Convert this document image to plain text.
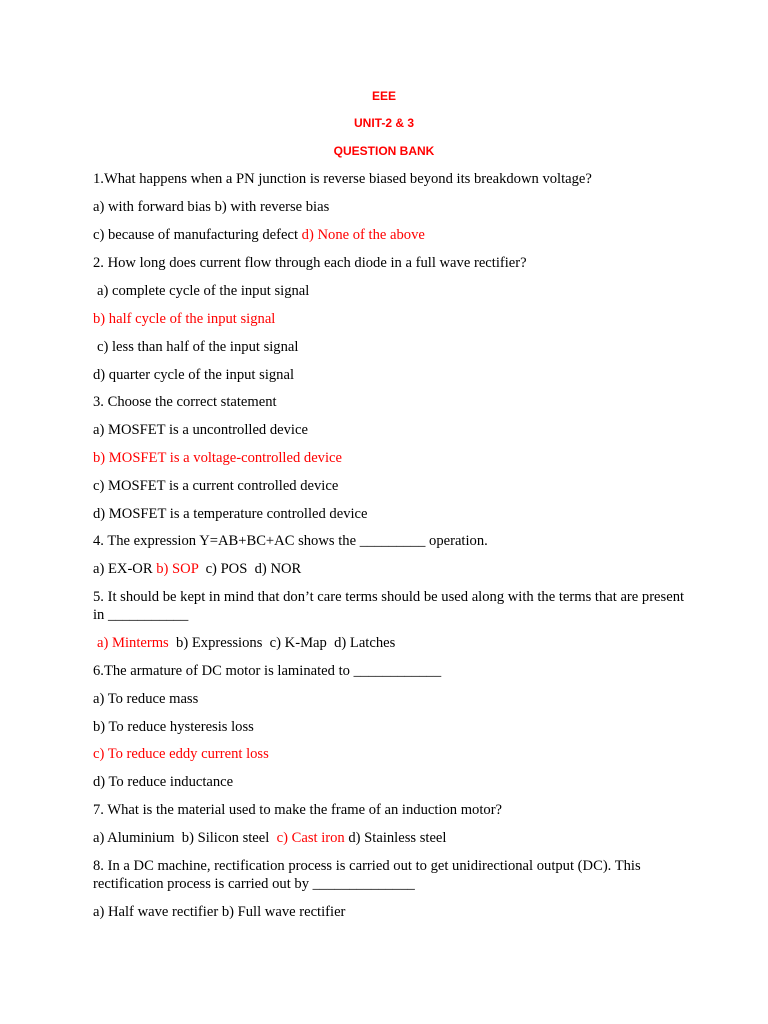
EEE
UNIT-2 & 3
QUESTION BANK
1.What happens when a PN junction is reverse biased beyond its breakdown voltage?
a) with forward bias b) with reverse bias
c) because of manufacturing defect d) None of the above
2. How long does current flow through each diode in a full wave rectifier?
a) complete cycle of the input signal
b) half cycle of the input signal
c) less than half of the input signal
d) quarter cycle of the input signal
3. Choose the correct statement
a) MOSFET is a uncontrolled device
b) MOSFET is a voltage-controlled device
c) MOSFET is a current controlled device
d) MOSFET is a temperature controlled device
4. The expression Y=AB+BC+AC shows the _________ operation.
a) EX-OR b) SOP  c) POS  d) NOR
5. It should be kept in mind that don’t care terms should be used along with the terms that are present in ___________
a) Minterms  b) Expressions  c) K-Map  d) Latches
6.The armature of DC motor is laminated to ____________
a) To reduce mass
b) To reduce hysteresis loss
c) To reduce eddy current loss
d) To reduce inductance
7. What is the material used to make the frame of an induction motor?
a) Aluminium  b) Silicon steel  c) Cast iron d) Stainless steel
8. In a DC machine, rectification process is carried out to get unidirectional output (DC). This rectification process is carried out by ______________
a) Half wave rectifier b) Full wave rectifier
